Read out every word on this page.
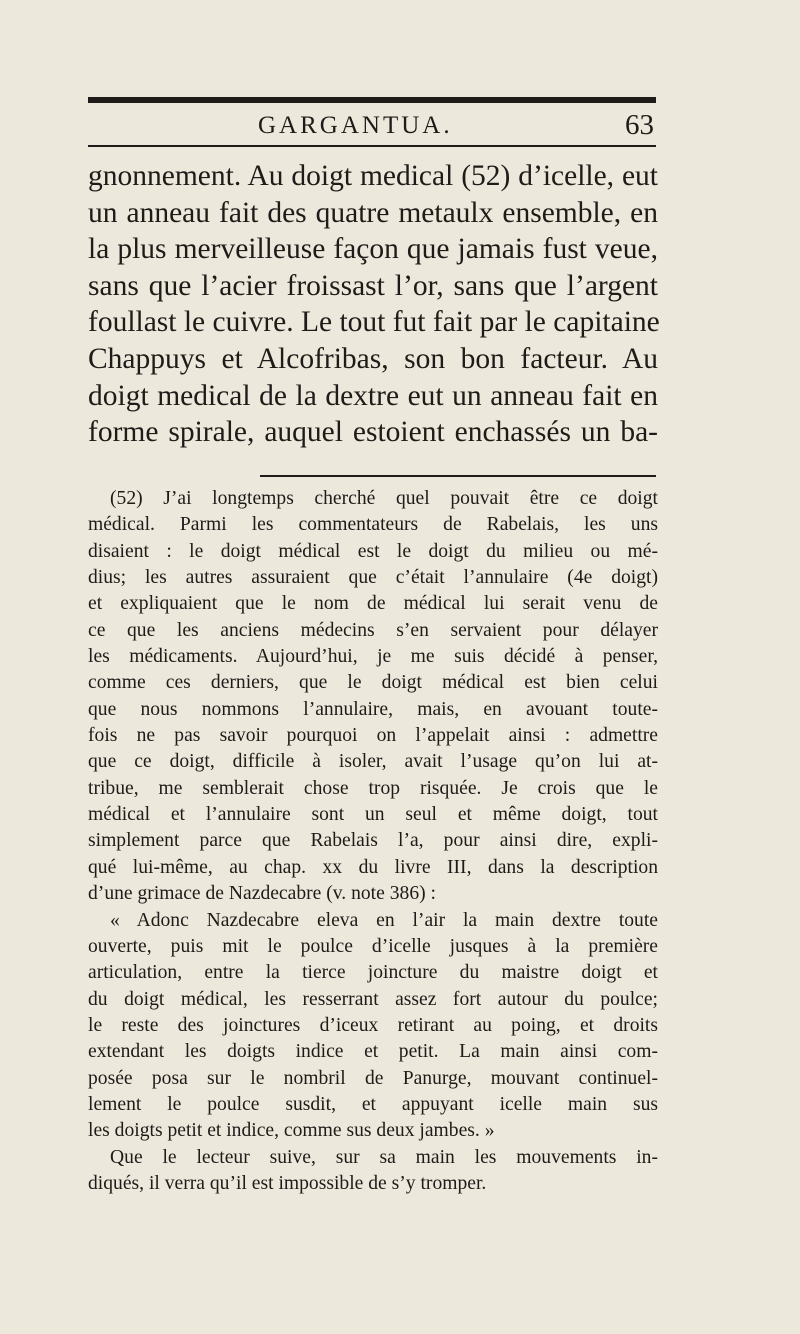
GARGANTUA.	63
gnonnement. Au doigt medical (52) d’icelle, eut
un anneau fait des quatre metaulx ensemble, en
la plus merveilleuse façon que jamais fust veue,
sans que l’acier froissast l’or, sans que l’argent
foullast le cuivre. Le tout fut fait par le capitaine
Chappuys et Alcofribas, son bon facteur. Au
doigt medical de la dextre eut un anneau fait en
forme spirale, auquel estoient enchassés un ba-
(52) J’ai longtemps cherché quel pouvait être ce doigt
médical. Parmi les commentateurs de Rabelais, les uns
disaient : le doigt médical est le doigt du milieu ou mé-
dius; les autres assuraient que c’était l’annulaire (4e doigt)
et expliquaient que le nom de médical lui serait venu de
ce que les anciens médecins s’en servaient pour délayer
les médicaments. Aujourd’hui, je me suis décidé à penser,
comme ces derniers, que le doigt médical est bien celui
que nous nommons l’annulaire, mais, en avouant toute-
fois ne pas savoir pourquoi on l’appelait ainsi : admettre
que ce doigt, difficile à isoler, avait l’usage qu’on lui at-
tribue, me semblerait chose trop risquée. Je crois que le
médical et l’annulaire sont un seul et même doigt, tout
simplement parce que Rabelais l’a, pour ainsi dire, expli-
qué lui-même, au chap. xx du livre III, dans la description
d’une grimace de Nazdecabre (v. note 386) :
« Adonc Nazdecabre eleva en l’air la main dextre toute
ouverte, puis mit le poulce d’icelle jusques à la première
articulation, entre la tierce joincture du maistre doigt et
du doigt médical, les resserrant assez fort autour du poulce;
le reste des joinctures d’iceux retirant au poing, et droits
extendant les doigts indice et petit. La main ainsi com-
posée posa sur le nombril de Panurge, mouvant continuel-
lement le poulce susdit, et appuyant icelle main sus
les doigts petit et indice, comme sus deux jambes. »
Que le lecteur suive, sur sa main les mouvements in-
diqués, il verra qu’il est impossible de s’y tromper.
